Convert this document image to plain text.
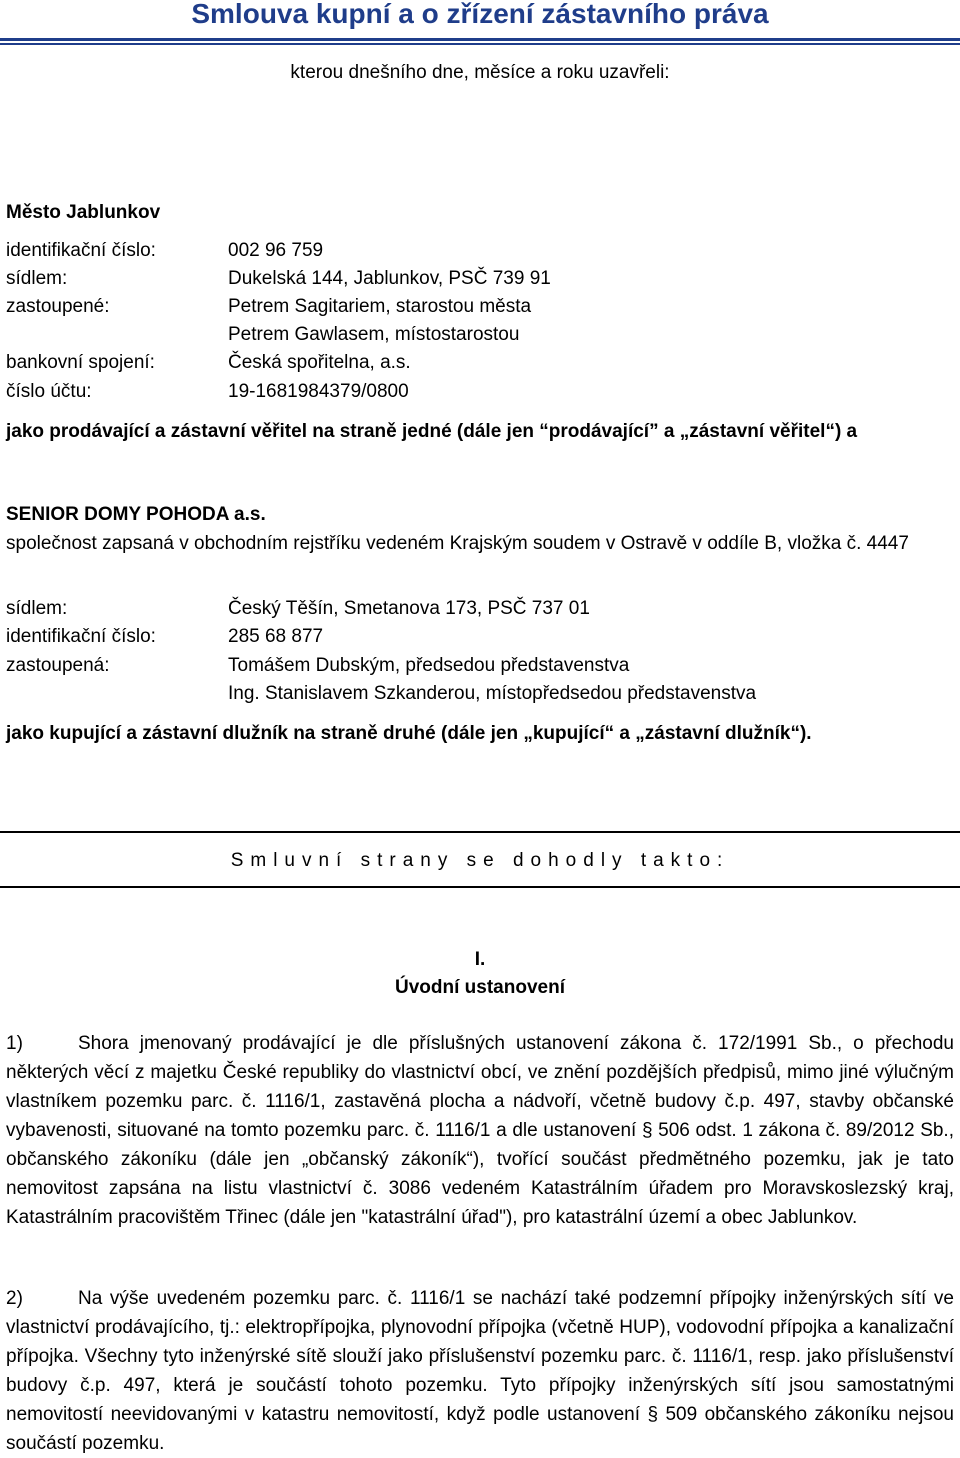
Smlouva kupní a o zřízení zástavního práva
kterou dnešního dne, měsíce a roku uzavřeli:
Město Jablunkov
identifikační číslo:	002 96 759
sídlem:	Dukelská 144, Jablunkov, PSČ 739 91
zastoupené:	Petrem Sagitariem, starostou města
Petrem Gawlasem, místostarostou
bankovní spojení:	Česká spořitelna, a.s.
číslo účtu:	19-1681984379/0800
jako prodávající a zástavní věřitel na straně jedné (dále jen “prodávající” a „zástavní věřitel“) a
SENIOR DOMY POHODA a.s.
společnost zapsaná v obchodním rejstříku vedeném Krajským soudem v Ostravě v oddíle B, vložka č. 4447
sídlem:	Český Těšín, Smetanova 173, PSČ 737 01
identifikační číslo:	285 68 877
zastoupená:	Tomášem Dubským, předsedou představenstva
Ing. Stanislavem Szkanderou, místopředsedou představenstva
jako kupující a zástavní dlužník na straně druhé (dále jen „kupující“ a „zástavní dlužník“).
Smluvní strany se dohodly takto:
I.
Úvodní ustanovení
1)	Shora jmenovaný prodávající je dle příslušných ustanovení zákona č. 172/1991 Sb., o přechodu některých věcí z majetku České republiky do vlastnictví obcí, ve znění pozdějších předpisů, mimo jiné výlučným vlastníkem pozemku parc. č. 1116/1, zastavěná plocha a nádvoří, včetně budovy č.p. 497, stavby občanské vybavenosti, situované na tomto pozemku parc. č. 1116/1 a dle ustanovení § 506 odst. 1 zákona č. 89/2012 Sb., občanského zákoníku (dále jen „občanský zákoník“), tvořící součást předmětného pozemku, jak je tato nemovitost zapsána na listu vlastnictví č. 3086 vedeném Katastrálním úřadem pro Moravskoslezský kraj, Katastrálním pracovištěm Třinec (dále jen "katastrální úřad"), pro katastrální území a obec Jablunkov.
2)	Na výše uvedeném pozemku parc. č. 1116/1 se nachází také podzemní přípojky inženýrských sítí ve vlastnictví prodávajícího, tj.: elektropřípojka, plynovodní přípojka (včetně HUP), vodovodní přípojka a kanalizační přípojka. Všechny tyto inženýrské sítě slouží jako příslušenství pozemku parc. č. 1116/1, resp. jako příslušenství budovy č.p. 497, která je součástí tohoto pozemku. Tyto přípojky inženýrských sítí jsou samostatnými nemovitostí neevidovanými v katastru nemovitostí, když podle ustanovení § 509 občanského zákoníku nejsou součástí pozemku.
